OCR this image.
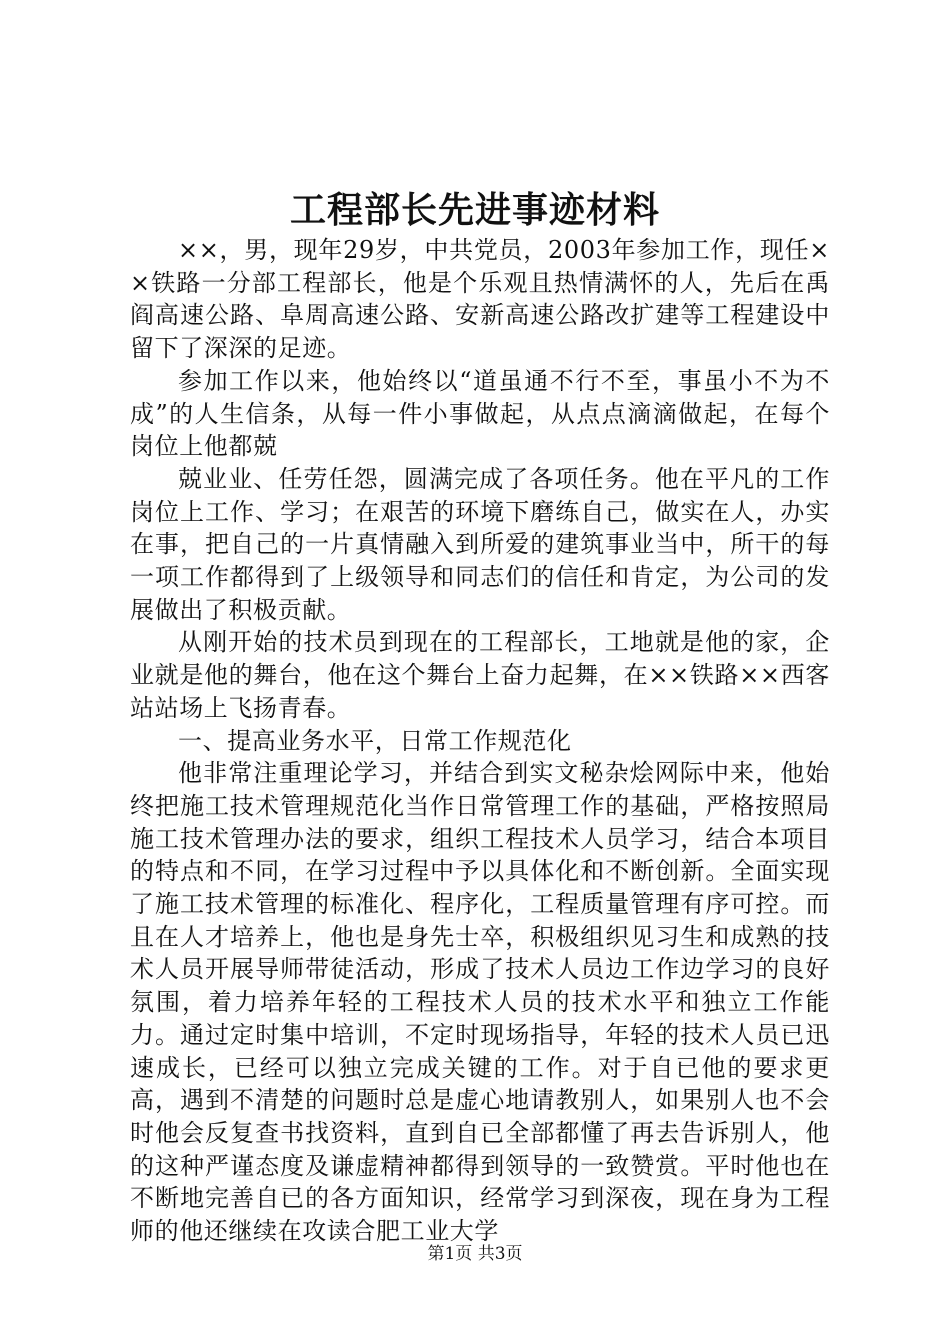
工程部长先进事迹材料

××，男，现年29岁，中共党员，2003年参加工作，现任××铁路一分部工程部长，他是个乐观且热情满怀的人，先后在禹阎高速公路、阜周高速公路、安新高速公路改扩建等工程建设中留下了深深的足迹。

参加工作以来，他始终以“道虽通不行不至，事虽小不为不成”的人生信条，从每一件小事做起，从点点滴滴做起，在每个岗位上他都兢

兢业业、任劳任怨，圆满完成了各项任务。他在平凡的工作岗位上工作、学习；在艰苦的环境下磨练自己，做实在人，办实在事，把自己的一片真情融入到所爱的建筑事业当中，所干的每一项工作都得到了上级领导和同志们的信任和肯定，为公司的发展做出了积极贡献。

从刚开始的技术员到现在的工程部长，工地就是他的家，企业就是他的舞台，他在这个舞台上奋力起舞，在××铁路××西客站站场上飞扬青春。

一、提高业务水平，日常工作规范化

他非常注重理论学习，并结合到实文秘杂烩网际中来，他始终把施工技术管理规范化当作日常管理工作的基础，严格按照局施工技术管理办法的要求，组织工程技术人员学习，结合本项目的特点和不同，在学习过程中予以具体化和不断创新。全面实现了施工技术管理的标准化、程序化，工程质量管理有序可控。而且在人才培养上，他也是身先士卒，积极组织见习生和成熟的技术人员开展导师带徒活动，形成了技术人员边工作边学习的良好氛围，着力培养年轻的工程技术人员的技术水平和独立工作能力。通过定时集中培训，不定时现场指导，年轻的技术人员已迅速成长，已经可以独立完成关键的工作。对于自已他的要求更高，遇到不清楚的问题时总是虚心地请教别人，如果别人也不会时他会反复查书找资料，直到自已全部都懂了再去告诉别人，他的这种严谨态度及谦虚精神都得到领导的一致赞赏。平时他也在不断地完善自已的各方面知识，经常学习到深夜，现在身为工程师的他还继续在攻读合肥工业大学

第1页 共3页
